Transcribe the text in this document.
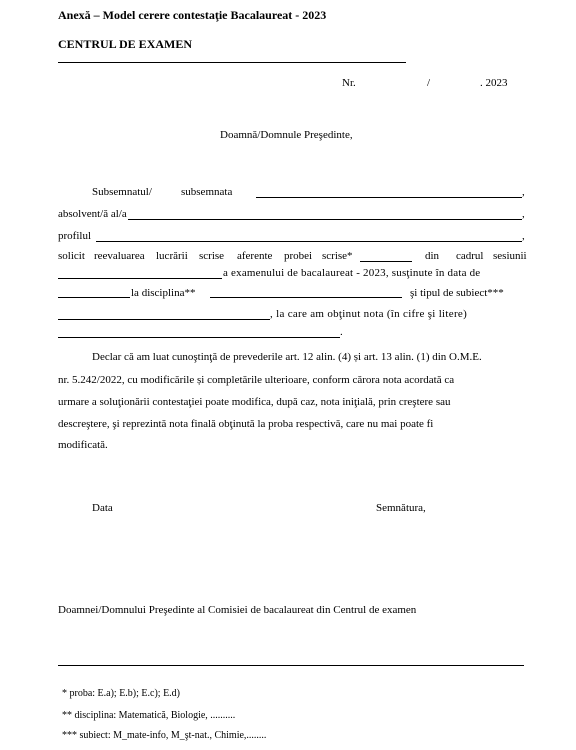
Anexă – Model cerere contestaţie Bacalaureat - 2023
CENTRUL DE EXAMEN
Nr.	/	. 2023
Doamnă/Domnule Preşedinte,
Subsemnatul/	subsemnata	,
absolvent/ă al/a	,
profilul	,
solicit reevaluarea lucrării scrise aferente probei scrise*	din cadrul sesiunii
a examenului de bacalaureat - 2023, susţinute în data de
la disciplina**	şi tipul de subiect***
, la care am obţinut nota (în cifre şi litere)
.
Declar că am luat cunoştinţă de prevederile art. 12 alin. (4) și art. 13 alin. (1) din O.M.E.
nr. 5.242/2022, cu modificările și completările ulterioare, conform cărora nota acordată ca
urmare a soluţionării contestaţiei poate modifica, după caz, nota iniţială, prin creştere sau
descreştere, şi reprezintă nota finală obţinută la proba respectivă, care nu mai poate fi
modificată.
Data	Semnătura,
Doamnei/Domnului Preşedinte al Comisiei de bacalaureat din Centrul de examen
* proba: E.a); E.b); E.c); E.d)
** disciplina: Matematică, Biologie, ..........
*** subiect: M_mate-info, M_şt-nat., Chimie,........
